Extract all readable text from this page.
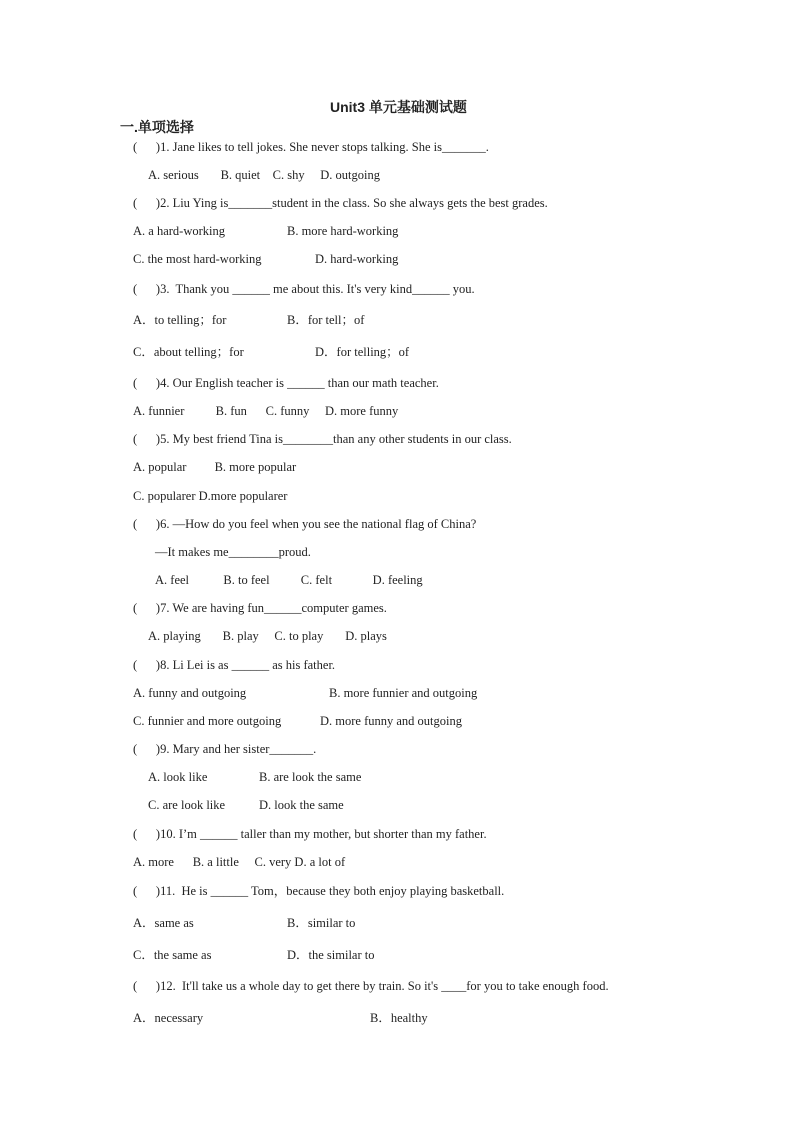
Unit3 单元基础测试题
一.单项选择
(      )1. Jane likes to tell jokes. She never stops talking. She is_______.
A. serious       B. quiet    C. shy     D. outgoing
(      )2. Liu Ying is_______student in the class. So she always gets the best grades.
A. a hard-working	B. more hard-working
C. the most hard-working	D. hard-working
(      )3.  Thank you ______ me about this. It's very kind______ you.
A．to telling；for	B．for tell；of
C．about telling；for	D．for telling；of
(      )4. Our English teacher is ______ than our math teacher.
A. funnier          B. fun      C. funny     D. more funny
(      )5. My best friend Tina is________than any other students in our class.
A. popular         B. more popular
C. popularer D.more popularer
(      )6. —How do you feel when you see the national flag of China?
—It makes me________proud.
A. feel           B. to feel          C. felt             D. feeling
(      )7. We are having fun______computer games.
A. playing       B. play     C. to play       D. plays
(      )8. Li Lei is as ______ as his father.
A. funny and outgoing	B. more funnier and outgoing
C. funnier and more outgoing	D. more funny and outgoing
(      )9. Mary and her sister_______.
A. look like	B. are look the same
C. are look like	D. look the same
(      )10. I’m ______ taller than my mother, but shorter than my father.
A. more      B. a little     C. very D. a lot of
(      )11.  He is ______ Tom，because they both enjoy playing basketball.
A．same as	B．similar to
C．the same as	D．the similar to
(      )12.  It'll take us a whole day to get there by train. So it's ____for you to take enough food.
A．necessary	B．healthy
